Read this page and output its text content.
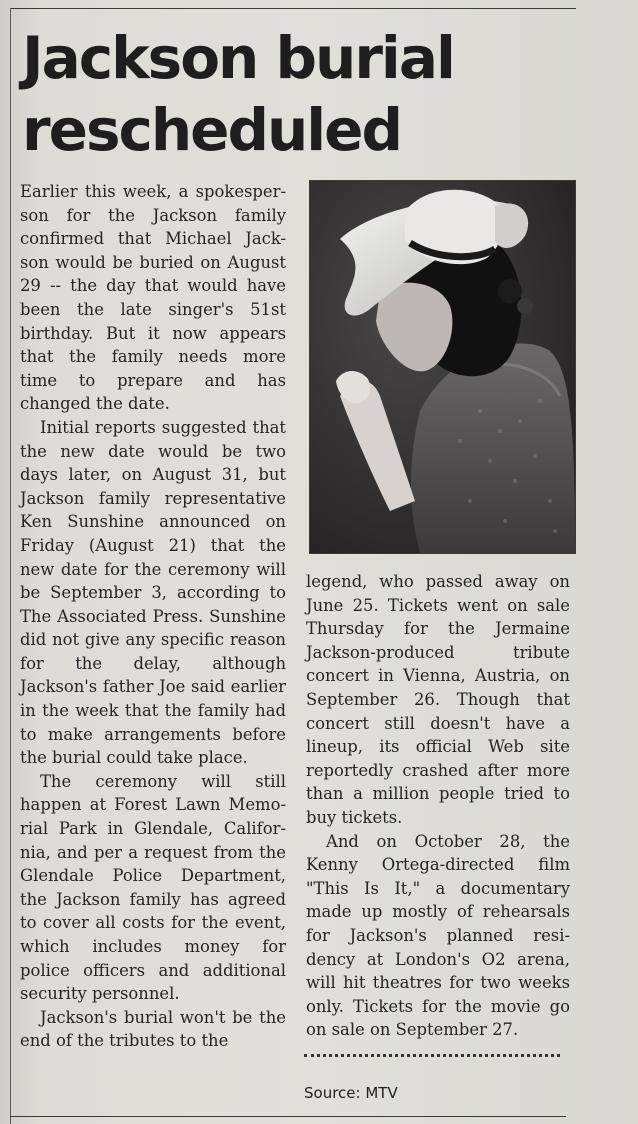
Jackson burial
rescheduled

Earlier this week, a spokesper-son for the Jackson family confirmed that Michael Jack-son would be buried on August 29 -- the day that would have been the late singer's 51st birthday. But it now appears that the family needs more time to prepare and has changed the date.

Initial reports suggested that the new date would be two days later, on August 31, but Jackson family representative Ken Sunshine announced on Friday (August 21) that the new date for the ceremony will be September 3, according to The Associated Press. Sunshine did not give any specific reason for the delay, although Jackson's father Joe said earlier in the week that the family had to make arrangements before the burial could take place.

The ceremony will still happen at Forest Lawn Memo-rial Park in Glendale, Califor-nia, and per a request from the Glendale Police Department, the Jackson family has agreed to cover all costs for the event, which includes money for police officers and additional security personnel.

Jackson's burial won't be the end of the tributes to the

legend, who passed away on June 25. Tickets went on sale Thursday for the Jermaine Jackson-produced tribute concert in Vienna, Austria, on September 26. Though that concert still doesn't have a lineup, its official Web site reportedly crashed after more than a million people tried to buy tickets.

And on October 28, the Kenny Ortega-directed film "This Is It," a documentary made up mostly of rehearsals for Jackson's planned resi-dency at London's O2 arena, will hit theatres for two weeks only. Tickets for the movie go on sale on September 27.

Source: MTV
